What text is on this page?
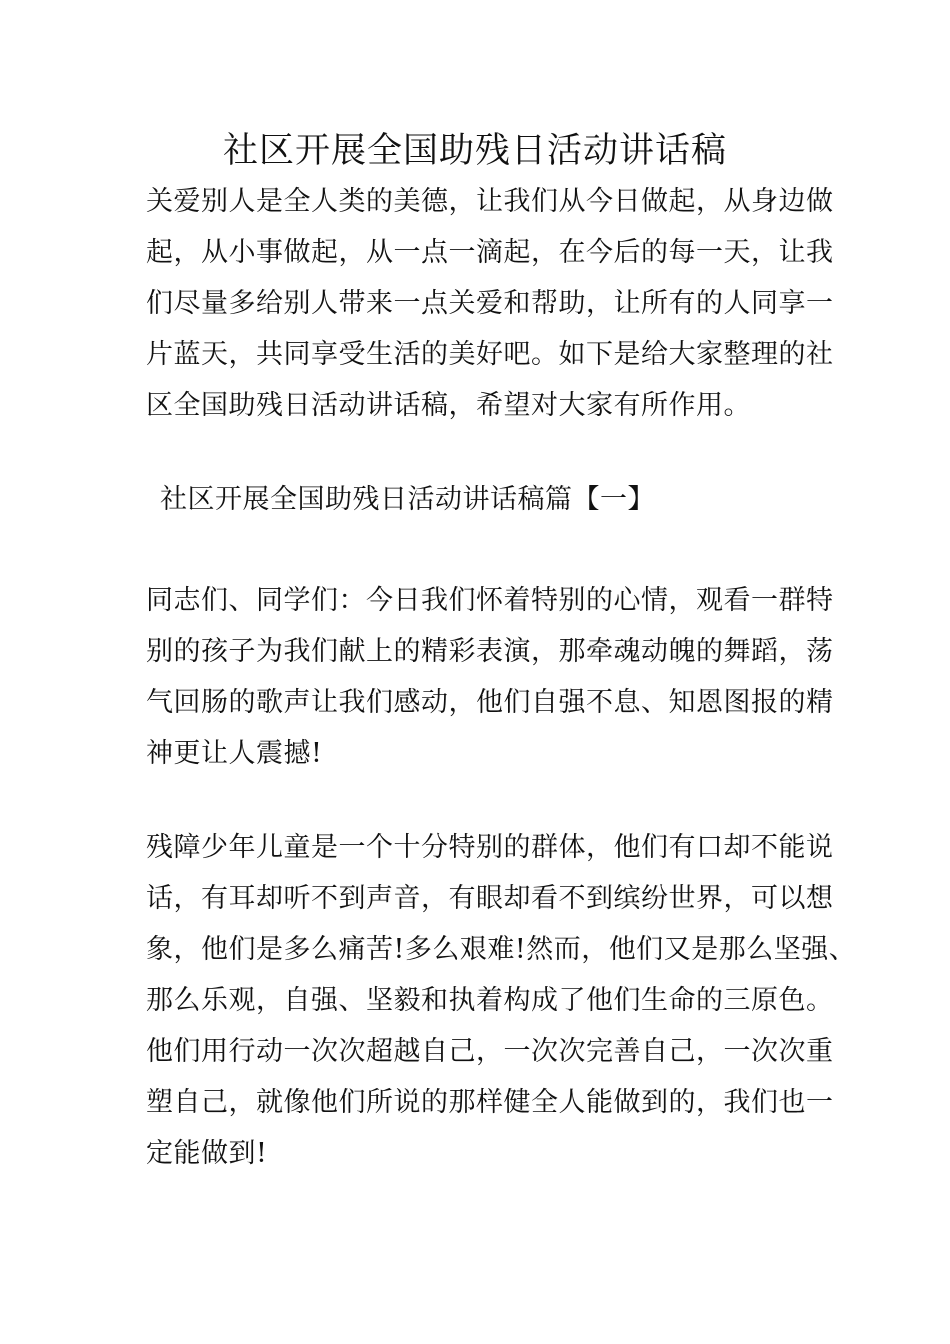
社区开展全国助残日活动讲话稿

关爱别人是全人类的美德，让我们从今日做起，从身边做
起，从小事做起，从一点一滴起，在今后的每一天，让我
们尽量多给别人带来一点关爱和帮助，让所有的人同享一
片蓝天，共同享受生活的美好吧。如下是给大家整理的社
区全国助残日活动讲话稿，希望对大家有所作用。

社区开展全国助残日活动讲话稿篇【一】

同志们、同学们：今日我们怀着特别的心情，观看一群特
别的孩子为我们献上的精彩表演，那牵魂动魄的舞蹈，荡
气回肠的歌声让我们感动，他们自强不息、知恩图报的精
神更让人震撼!

残障少年儿童是一个十分特别的群体，他们有口却不能说
话，有耳却听不到声音，有眼却看不到缤纷世界，可以想
象，他们是多么痛苦!多么艰难!然而，他们又是那么坚强、
那么乐观，自强、坚毅和执着构成了他们生命的三原色。
他们用行动一次次超越自己，一次次完善自己，一次次重
塑自己，就像他们所说的那样健全人能做到的，我们也一
定能做到!
